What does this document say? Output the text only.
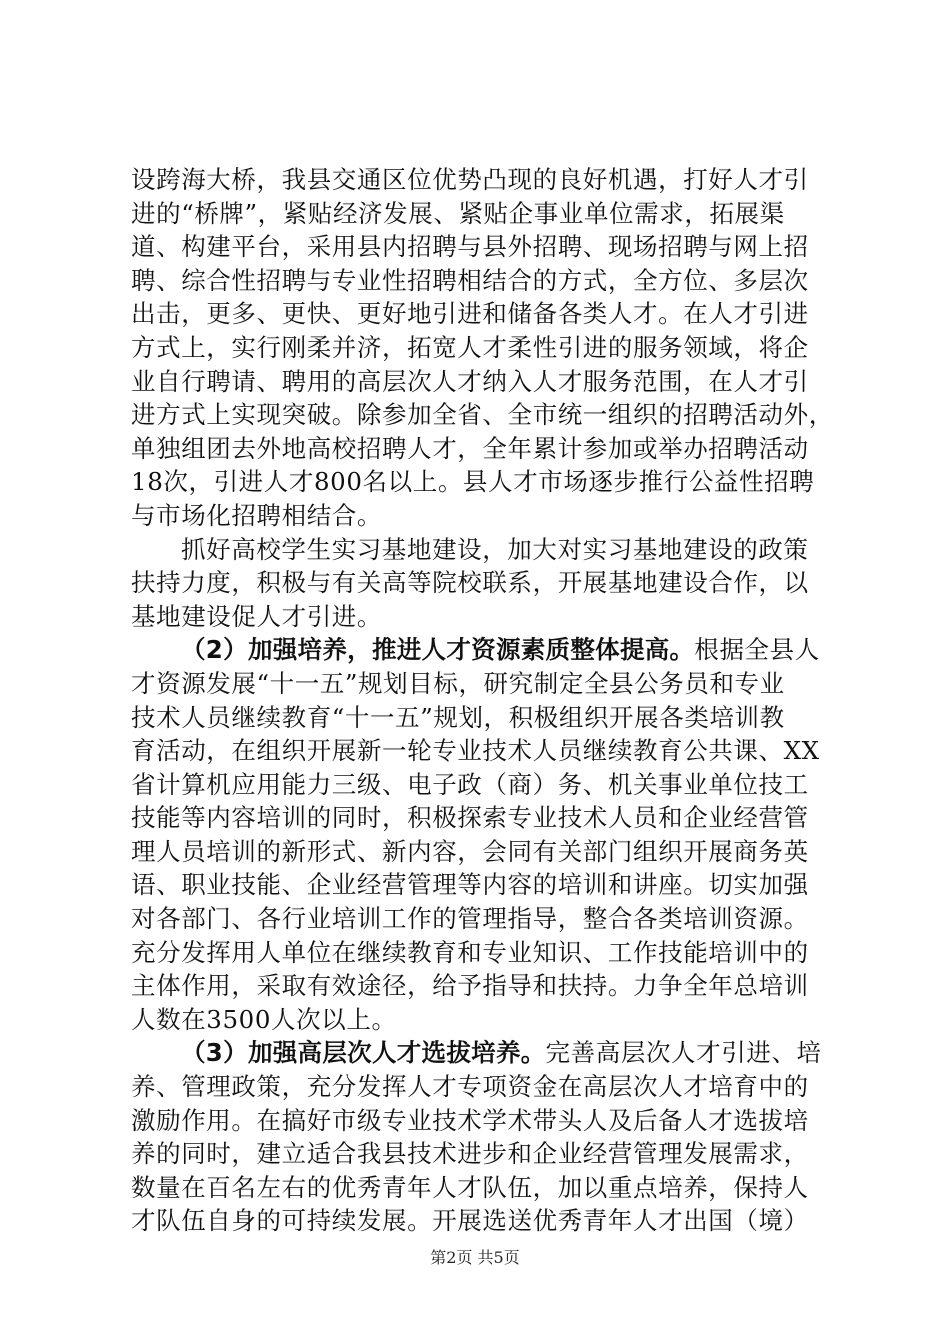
设跨海大桥，我县交通区位优势凸现的良好机遇，打好人才引
进的“桥牌”，紧贴经济发展、紧贴企事业单位需求，拓展渠
道、构建平台，采用县内招聘与县外招聘、现场招聘与网上招
聘、综合性招聘与专业性招聘相结合的方式，全方位、多层次
出击，更多、更快、更好地引进和储备各类人才。在人才引进
方式上，实行刚柔并济，拓宽人才柔性引进的服务领域，将企
业自行聘请、聘用的高层次人才纳入人才服务范围，在人才引
进方式上实现突破。除参加全省、全市统一组织的招聘活动外，
单独组团去外地高校招聘人才，全年累计参加或举办招聘活动
18次，引进人才800名以上。县人才市场逐步推行公益性招聘
与市场化招聘相结合。
抓好高校学生实习基地建设，加大对实习基地建设的政策
扶持力度，积极与有关高等院校联系，开展基地建设合作，以
基地建设促人才引进。
（2）加强培养，推进人才资源素质整体提高。根据全县人
才资源发展“十一五”规划目标，研究制定全县公务员和专业
技术人员继续教育“十一五”规划，积极组织开展各类培训教
育活动，在组织开展新一轮专业技术人员继续教育公共课、XX
省计算机应用能力三级、电子政（商）务、机关事业单位技工
技能等内容培训的同时，积极探索专业技术人员和企业经营管
理人员培训的新形式、新内容，会同有关部门组织开展商务英
语、职业技能、企业经营管理等内容的培训和讲座。切实加强
对各部门、各行业培训工作的管理指导，整合各类培训资源。
充分发挥用人单位在继续教育和专业知识、工作技能培训中的
主体作用，采取有效途径，给予指导和扶持。力争全年总培训
人数在3500人次以上。
（3）加强高层次人才选拔培养。完善高层次人才引进、培
养、管理政策，充分发挥人才专项资金在高层次人才培育中的
激励作用。在搞好市级专业技术学术带头人及后备人才选拔培
养的同时，建立适合我县技术进步和企业经营管理发展需求，
数量在百名左右的优秀青年人才队伍，加以重点培养，保持人
才队伍自身的可持续发展。开展选送优秀青年人才出国（境）
第2页 共5页
